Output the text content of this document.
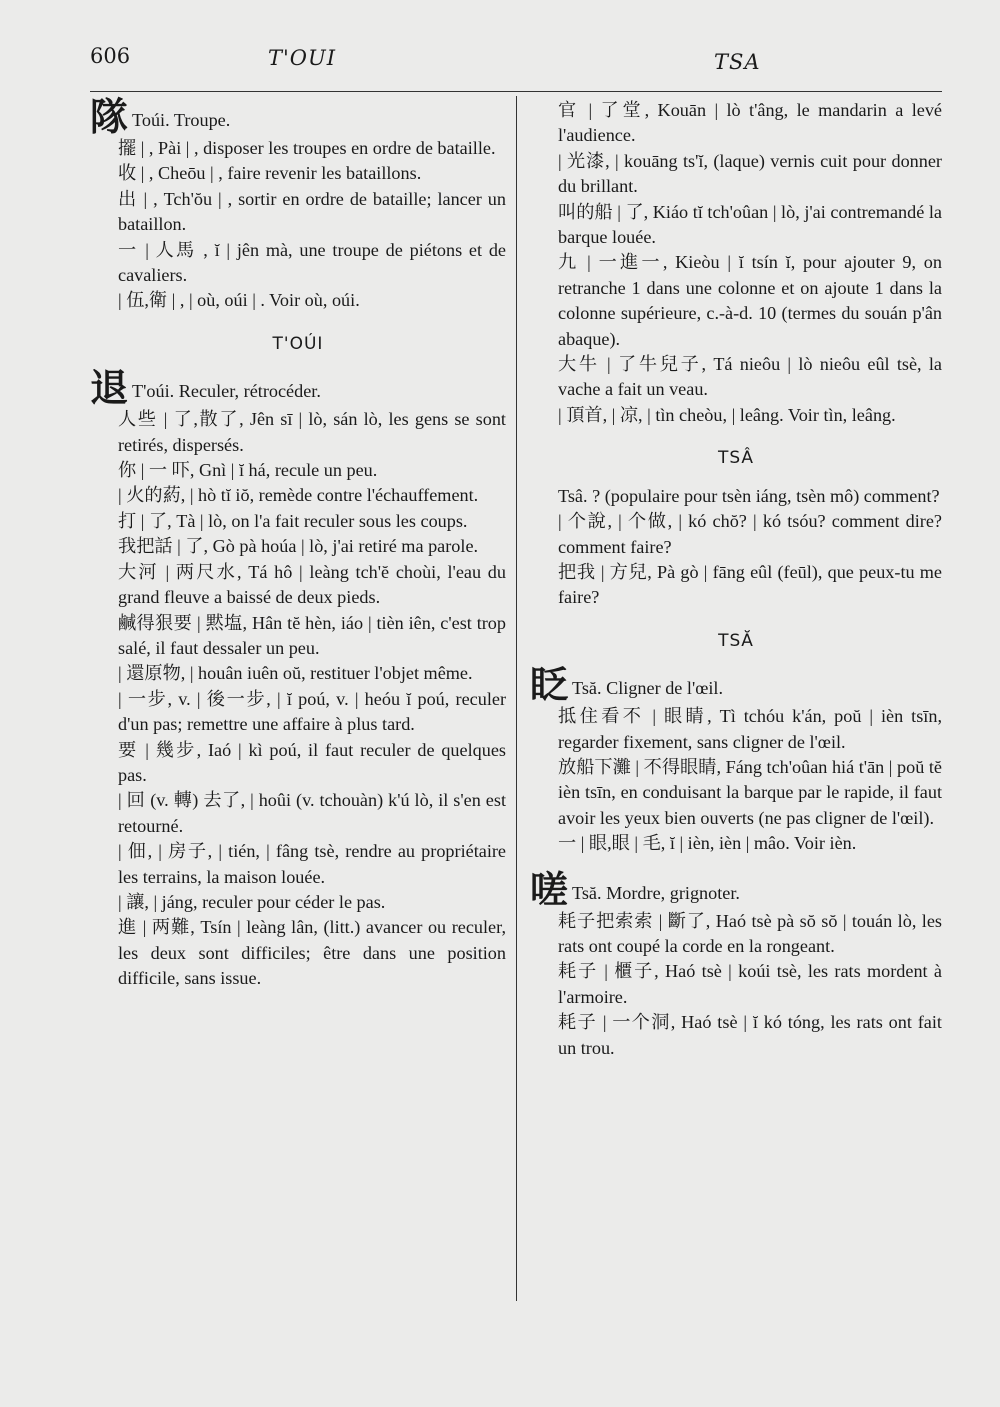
606	T'OUI	TSA
隊 Toúi. Troupe.

擺 | , Pài | , disposer les troupes en ordre de bataille.

收 | , Cheōu | , faire revenir les bataillons.

出 | , Tch'ŏu | , sortir en ordre de bataille; lancer un bataillon.

一 | 人馬 , ĭ | jên mà, une troupe de piétons et de cavaliers.

| 伍,衛 | , | où, oúi | . Voir où, oúi.

T'OÚI
退 T'oúi. Reculer, rétrocéder.

人些 | 了,散了, Jên sī | lò, sán lò, les gens se sont retirés, dispersés.

你 | 一 吓, Gnì | ĭ há, recule un peu.

| 火的葯, | hò tĭ iŏ, remède contre l'échauffement.

打 | 了, Tà | lò, on l'a fait reculer sous les coups.

我把話 | 了, Gò pà hoúa | lò, j'ai retiré ma parole.

大河 | 两尺水, Tá hô | leàng tch'ĕ choùi, l'eau du grand fleuve a baissé de deux pieds.

鹹得狠要 | 黙塩, Hân tĕ hèn, iáo | tièn iên, c'est trop salé, il faut dessaler un peu.

| 還原物, | houân iuên oŭ, restituer l'objet même.

| 一步, v. | 後一步, | ĭ poú, v. | heóu ĭ poú, reculer d'un pas; remettre une affaire à plus tard.

要 | 幾步, Iaó | kì poú, il faut reculer de quelques pas.

| 回 (v. 轉) 去了, | hoûi (v. tchouàn) k'ú lò, il s'en est retourné.

| 佃, | 房子, | tién, | fâng tsè, rendre au propriétaire les terrains, la maison louée.

| 讓, | jáng, reculer pour céder le pas.

進 | 两難, Tsín | leàng lân, (litt.) avancer ou reculer, les deux sont difficiles; être dans une position difficile, sans issue.

官 | 了堂, Kouān | lò t'âng, le mandarin a levé l'audience.

| 光漆, | kouāng ts'ĭ, (laque) vernis cuit pour donner du brillant.

叫的船 | 了, Kiáo tĭ tch'oûan | lò, j'ai contremandé la barque louée.

九 | 一進一, Kieòu | ĭ tsín ĭ, pour ajouter 9, on retranche 1 dans une colonne et on ajoute 1 dans la colonne supérieure, c.-à-d. 10 (termes du souán p'ân abaque).

大牛 | 了牛兒子, Tá nieôu | lò nieôu eûl tsè, la vache a fait un veau.

| 頂首, | 凉, | tìn cheòu, | leâng. Voir tìn, leâng.

TSÂ

Tsâ. ? (populaire pour tsèn iáng, tsèn mô) comment?

| 个說, | 个做, | kó chŏ? | kó tsóu? comment dire? comment faire?

把我 | 方兒, Pà gò | fāng eûl (feūl), que peux-tu me faire?

TSĂ
眨 Tsă. Cligner de l'œil.

抵住看不 | 眼睛, Tì tchóu k'án, poŭ | ièn tsīn, regarder fixement, sans cligner de l'œil.

放船下灘 | 不得眼睛, Fáng tch'oûan hiá t'ān | poŭ tĕ ièn tsīn, en conduisant la barque par le rapide, il faut avoir les yeux bien ouverts (ne pas cligner de l'œil).

一 | 眼,眼 | 毛, ĭ | ièn, ièn | mâo. Voir ièn.

嗟 Tsă. Mordre, grignoter.

耗子把索索 | 斷了, Haó tsè pà sŏ sŏ | touán lò, les rats ont coupé la corde en la rongeant.

耗子 | 櫃子, Haó tsè | koúi tsè, les rats mordent à l'armoire.

耗子 | 一个洞, Haó tsè | ĭ kó tóng, les rats ont fait un trou.
